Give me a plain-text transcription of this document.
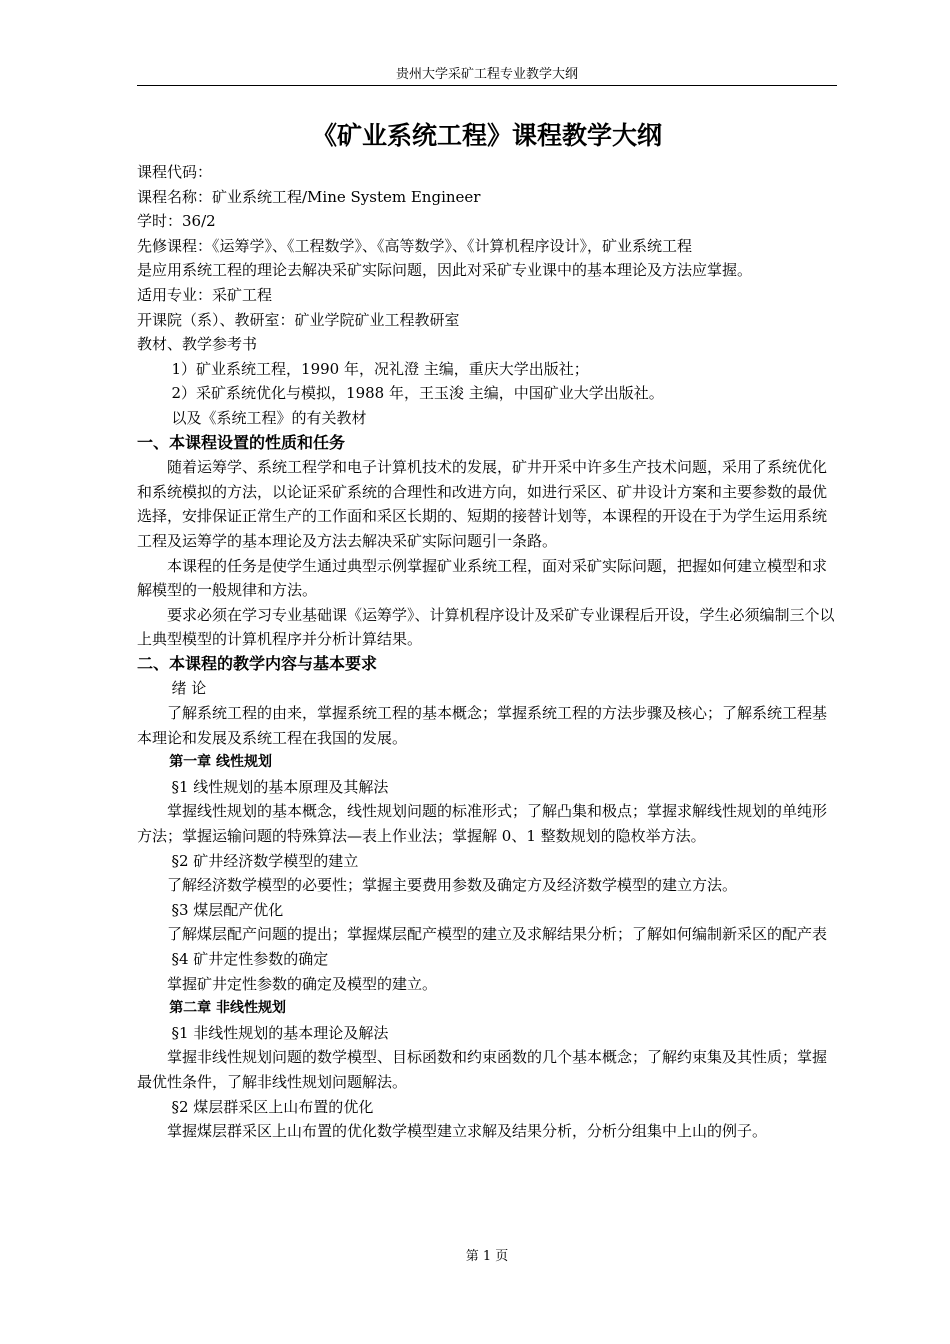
贵州大学采矿工程专业教学大纲
《矿业系统工程》课程教学大纲

课程代码：

课程名称：矿业系统工程/Mine System Engineer

学时：36/2

先修课程：《运筹学》、《工程数学》、《高等数学》、《计算机程序设计》，矿业系统工程

是应用系统工程的理论去解决采矿实际问题，因此对采矿专业课中的基本理论及方法应掌握。

适用专业：采矿工程

开课院（系）、教研室：矿业学院矿业工程教研室

教材、教学参考书

1）矿业系统工程，1990 年，况礼澄 主编，重庆大学出版社；

2）采矿系统优化与模拟，1988 年，王玉浚 主编，中国矿业大学出版社。

以及《系统工程》的有关教材

一、本课程设置的性质和任务

随着运筹学、系统工程学和电子计算机技术的发展，矿井开采中许多生产技术问题，采用了系统优化和系统模拟的方法，以论证采矿系统的合理性和改进方向，如进行采区、矿井设计方案和主要参数的最优选择，安排保证正常生产的工作面和采区长期的、短期的接替计划等，本课程的开设在于为学生运用系统工程及运筹学的基本理论及方法去解决采矿实际问题引一条路。

本课程的任务是使学生通过典型示例掌握矿业系统工程，面对采矿实际问题，把握如何建立模型和求解模型的一般规律和方法。

要求必须在学习专业基础课《运筹学》、计算机程序设计及采矿专业课程后开设，学生必须编制三个以上典型模型的计算机程序并分析计算结果。

二、本课程的教学内容与基本要求

绪 论

了解系统工程的由来，掌握系统工程的基本概念；掌握系统工程的方法步骤及核心；了解系统工程基本理论和发展及系统工程在我国的发展。

第一章 线性规划

§1 线性规划的基本原理及其解法

掌握线性规划的基本概念，线性规划问题的标准形式；了解凸集和极点；掌握求解线性规划的单纯形方法；掌握运输问题的特殊算法—表上作业法；掌握解 0、1 整数规划的隐枚举方法。

§2 矿井经济数学模型的建立

了解经济数学模型的必要性；掌握主要费用参数及确定方及经济数学模型的建立方法。

§3 煤层配产优化

了解煤层配产问题的提出；掌握煤层配产模型的建立及求解结果分析；了解如何编制新采区的配产表

§4 矿井定性参数的确定

掌握矿井定性参数的确定及模型的建立。

第二章 非线性规划

§1 非线性规划的基本理论及解法

掌握非线性规划问题的数学模型、目标函数和约束函数的几个基本概念；了解约束集及其性质；掌握最优性条件，了解非线性规划问题解法。

§2 煤层群采区上山布置的优化

掌握煤层群采区上山布置的优化数学模型建立求解及结果分析，分析分组集中上山的例子。

第 1 页
